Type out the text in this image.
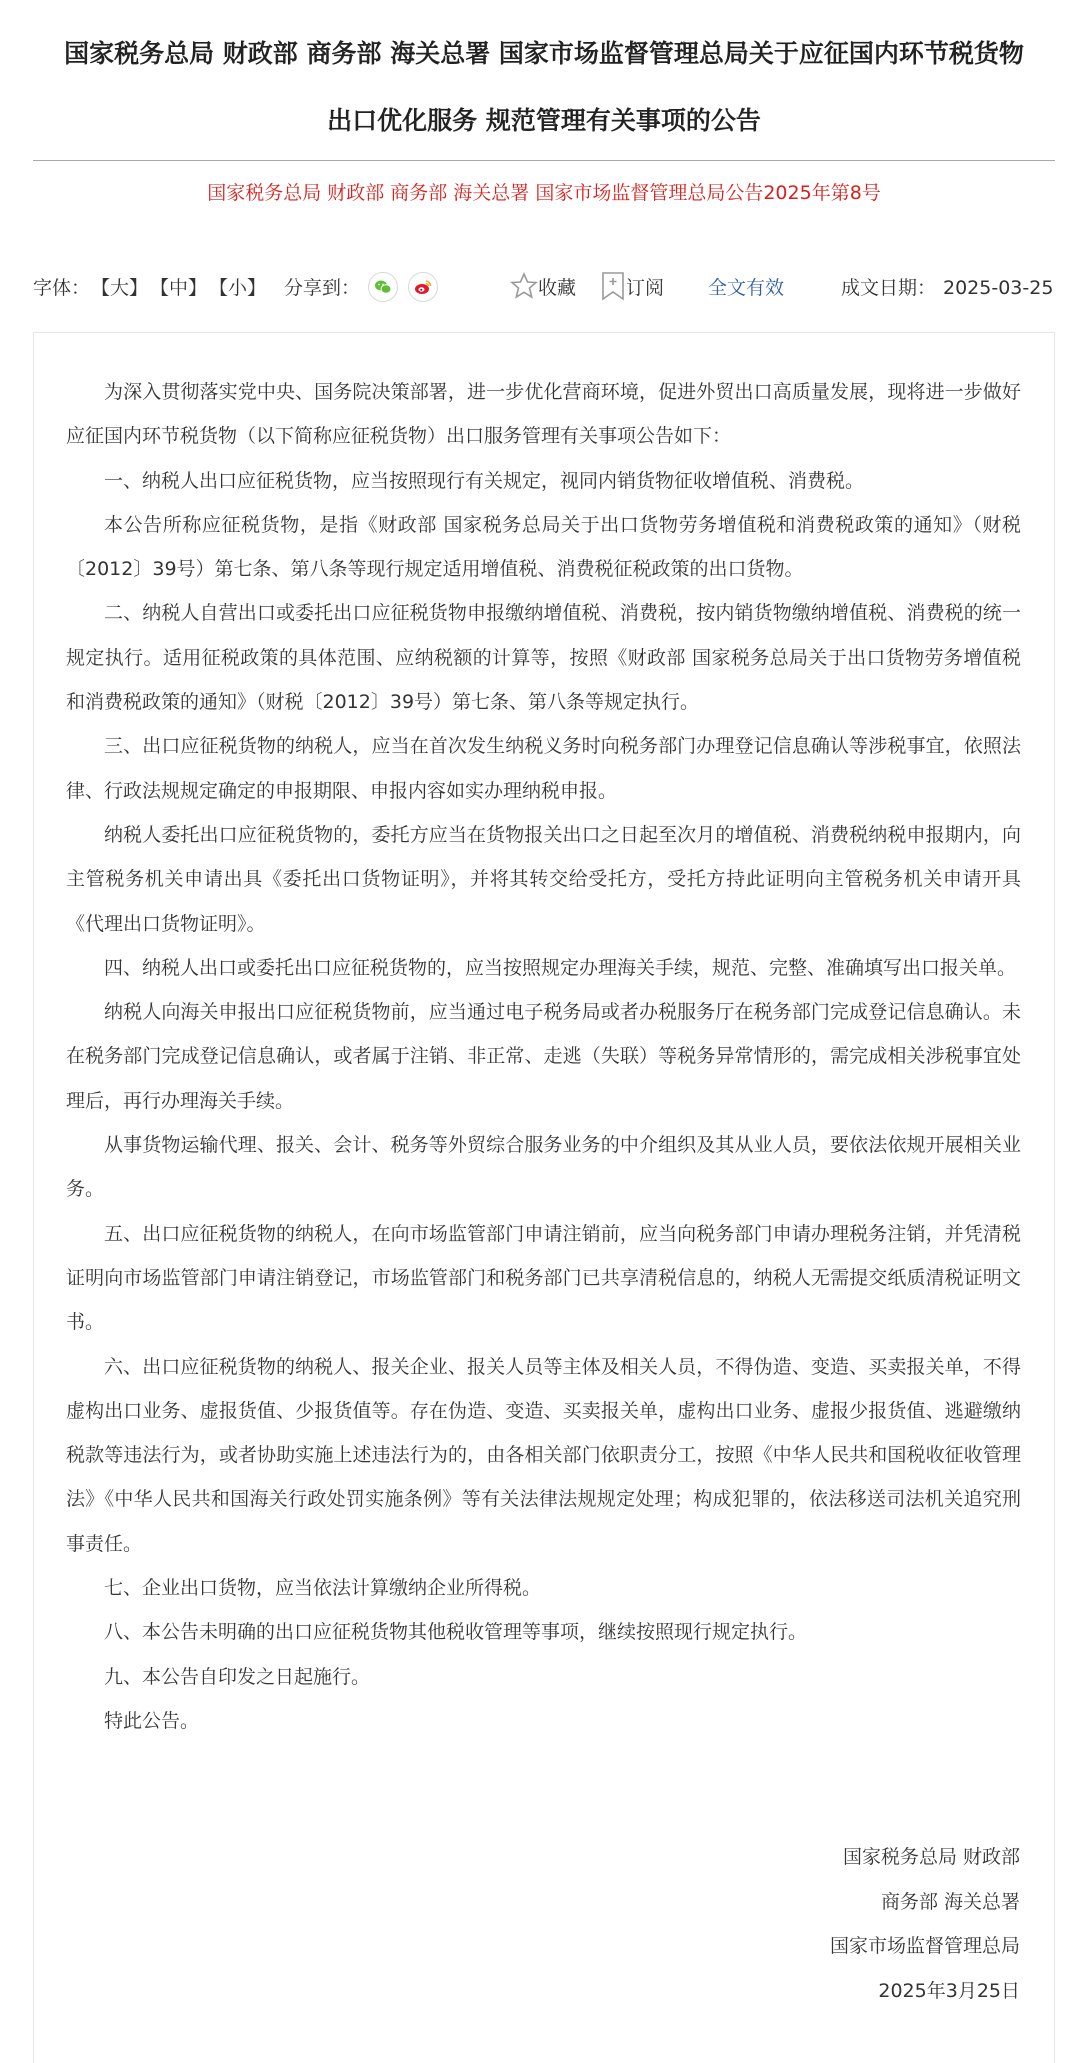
国家税务总局 财政部 商务部 海关总署 国家市场监督管理总局关于应征国内环节税货物
出口优化服务 规范管理有关事项的公告
国家税务总局 财政部 商务部 海关总署 国家市场监督管理总局公告2025年第8号
字体： 【大】 【中】 【小】 分享到：	收藏	订阅 全文有效	成文日期： 2025-03-25

为深入贯彻落实党中央、国务院决策部署，进一步优化营商环境，促进外贸出口高质量发展，现将进一步做好应征国内环节税货物（以下简称应征税货物）出口服务管理有关事项公告如下：

一、纳税人出口应征税货物，应当按照现行有关规定，视同内销货物征收增值税、消费税。

本公告所称应征税货物，是指《财政部 国家税务总局关于出口货物劳务增值税和消费税政策的通知》（财税〔2012〕39号）第七条、第八条等现行规定适用增值税、消费税征税政策的出口货物。

二、纳税人自营出口或委托出口应征税货物申报缴纳增值税、消费税，按内销货物缴纳增值税、消费税的统一规定执行。适用征税政策的具体范围、应纳税额的计算等，按照《财政部 国家税务总局关于出口货物劳务增值税和消费税政策的通知》（财税〔2012〕39号）第七条、第八条等规定执行。

三、出口应征税货物的纳税人，应当在首次发生纳税义务时向税务部门办理登记信息确认等涉税事宜，依照法律、行政法规规定确定的申报期限、申报内容如实办理纳税申报。

纳税人委托出口应征税货物的，委托方应当在货物报关出口之日起至次月的增值税、消费税纳税申报期内，向主管税务机关申请出具《委托出口货物证明》，并将其转交给受托方，受托方持此证明向主管税务机关申请开具《代理出口货物证明》。

四、纳税人出口或委托出口应征税货物的，应当按照规定办理海关手续，规范、完整、准确填写出口报关单。

纳税人向海关申报出口应征税货物前，应当通过电子税务局或者办税服务厅在税务部门完成登记信息确认。未在税务部门完成登记信息确认，或者属于注销、非正常、走逃（失联）等税务异常情形的，需完成相关涉税事宜处理后，再行办理海关手续。

从事货物运输代理、报关、会计、税务等外贸综合服务业务的中介组织及其从业人员，要依法依规开展相关业务。

五、出口应征税货物的纳税人，在向市场监管部门申请注销前，应当向税务部门申请办理税务注销，并凭清税证明向市场监管部门申请注销登记，市场监管部门和税务部门已共享清税信息的，纳税人无需提交纸质清税证明文书。

六、出口应征税货物的纳税人、报关企业、报关人员等主体及相关人员，不得伪造、变造、买卖报关单，不得虚构出口业务、虚报货值、少报货值等。存在伪造、变造、买卖报关单，虚构出口业务、虚报少报货值、逃避缴纳税款等违法行为，或者协助实施上述违法行为的，由各相关部门依职责分工，按照《中华人民共和国税收征收管理法》《中华人民共和国海关行政处罚实施条例》等有关法律法规规定处理；构成犯罪的，依法移送司法机关追究刑事责任。

七、企业出口货物，应当依法计算缴纳企业所得税。

八、本公告未明确的出口应征税货物其他税收管理等事项，继续按照现行规定执行。

九、本公告自印发之日起施行。

特此公告。

国家税务总局 财政部
商务部 海关总署
国家市场监督管理总局
2025年3月25日
